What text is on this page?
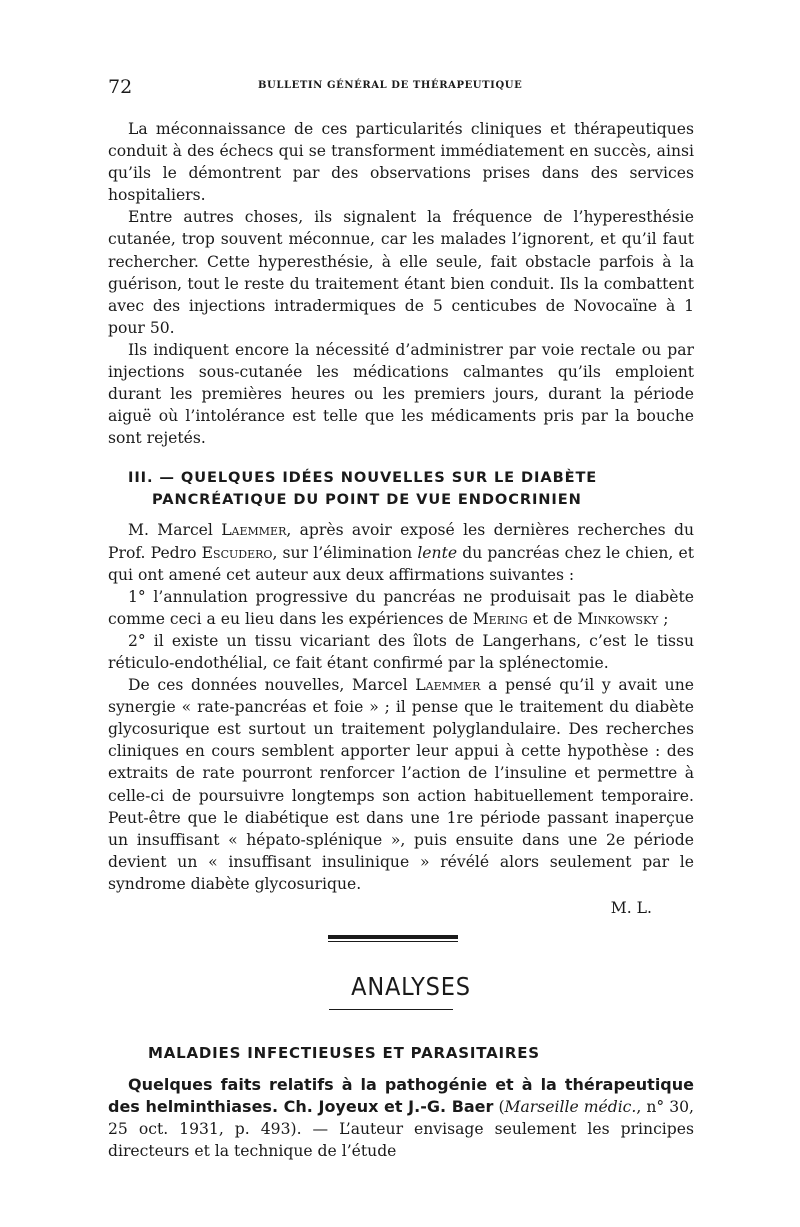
72	BULLETIN GÉNÉRAL DE THÉRAPEUTIQUE

La méconnaissance de ces particularités cliniques et thérapeutiques conduit à des échecs qui se transforment immédiatement en succès, ainsi qu’ils le démontrent par des observations prises dans des services hospitaliers.

Entre autres choses, ils signalent la fréquence de l’hyperesthésie cutanée, trop souvent méconnue, car les malades l’ignorent, et qu’il faut rechercher. Cette hyperesthésie, à elle seule, fait obstacle parfois à la guérison, tout le reste du traitement étant bien conduit. Ils la combattent avec des injections intradermiques de 5 centicubes de Novocaïne à 1 pour 50.

Ils indiquent encore la nécessité d’administrer par voie rectale ou par injections sous-cutanée les médications calmantes qu’ils emploient durant les premières heures ou les premiers jours, durant la période aiguë où l’intolérance est telle que les médicaments pris par la bouche sont rejetés.

III. — QUELQUES IDÉES NOUVELLES SUR LE DIABÈTE
PANCRÉATIQUE DU POINT DE VUE ENDOCRINIEN

M. Marcel Laemmer, après avoir exposé les dernières recherches du Prof. Pedro Escudero, sur l’élimination lente du pancréas chez le chien, et qui ont amené cet auteur aux deux affirmations suivantes :

1° l’annulation progressive du pancréas ne produisait pas le diabète comme ceci a eu lieu dans les expériences de Mering et de Minkowsky ;

2° il existe un tissu vicariant des îlots de Langerhans, c’est le tissu réticulo-endothélial, ce fait étant confirmé par la splénectomie.

De ces données nouvelles, Marcel Laemmer a pensé qu’il y avait une synergie « rate-pancréas et foie » ; il pense que le traitement du diabète glycosurique est surtout un traitement polyglandulaire. Des recherches cliniques en cours semblent apporter leur appui à cette hypothèse : des extraits de rate pourront renforcer l’action de l’insuline et permettre à celle-ci de poursuivre longtemps son action habituellement temporaire. Peut-être que le diabétique est dans une 1re période passant inaperçue un insuffisant « hépato-splénique », puis ensuite dans une 2e période devient un « insuffisant insulinique » révélé alors seulement par le syndrome diabète glycosurique.

M. L.
ANALYSES
MALADIES INFECTIEUSES ET PARASITAIRES

Quelques faits relatifs à la pathogénie et à la thérapeutique des helminthiases. Ch. Joyeux et J.-G. Baer (Marseille médic., n° 30, 25 oct. 1931, p. 493). — L’auteur envisage seulement les principes directeurs et la technique de l’étude
